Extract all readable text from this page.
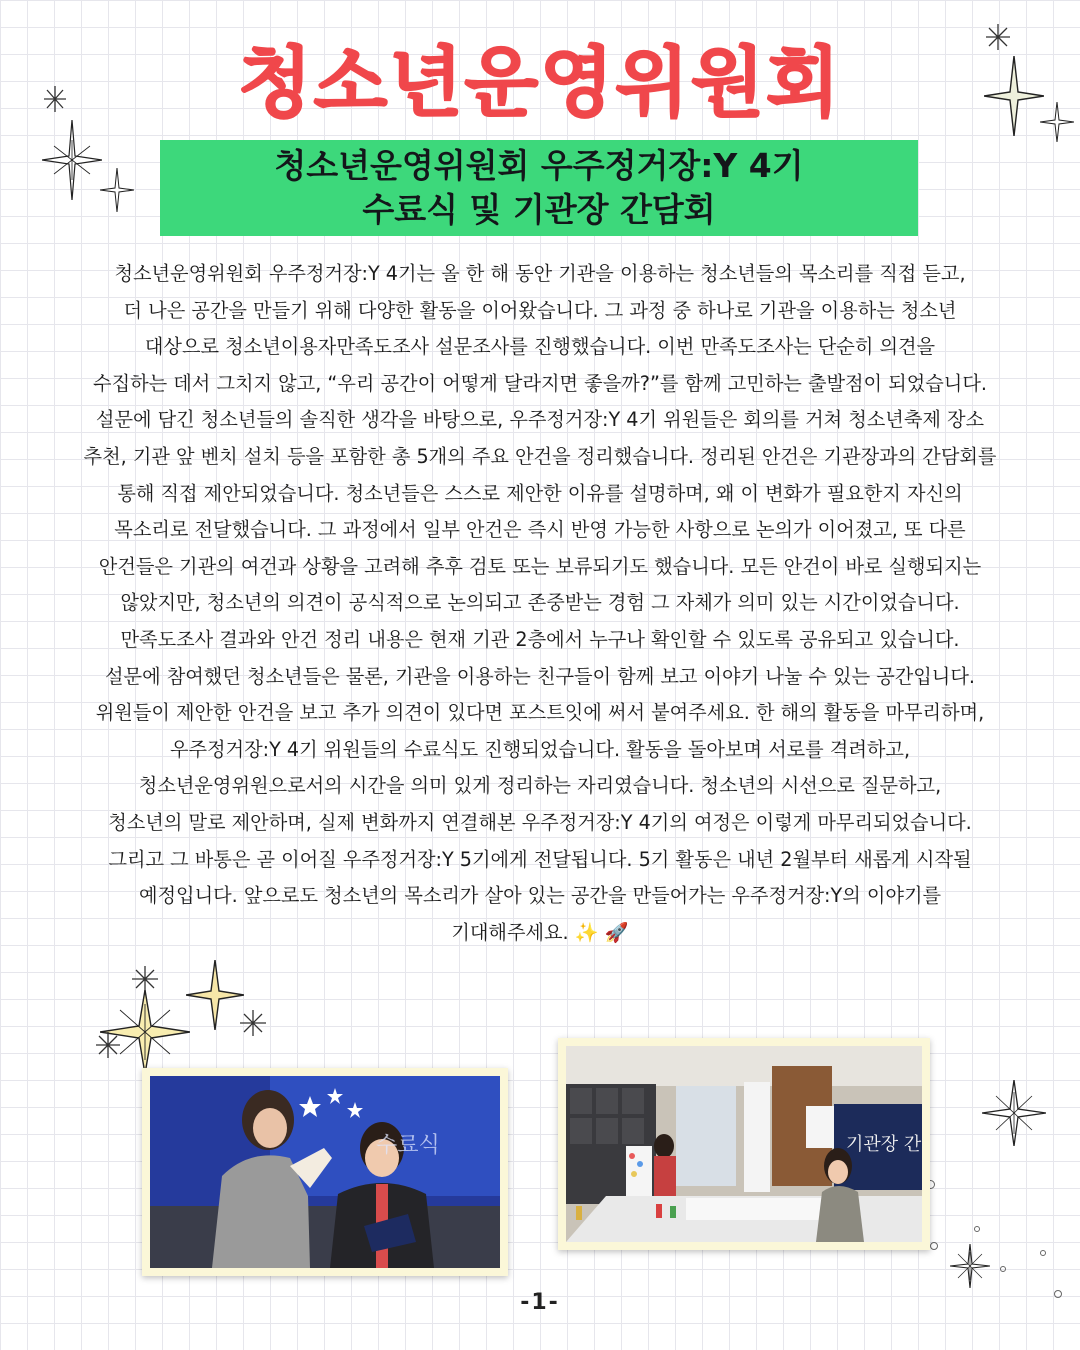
청소년운영위원회
청소년운영위원회 우주정거장:Y 4기
수료식 및 기관장 간담회
청소년운영위원회 우주정거장:Y 4기는 올 한 해 동안 기관을 이용하는 청소년들의 목소리를 직접 듣고,
더 나은 공간을 만들기 위해 다양한 활동을 이어왔습니다. 그 과정 중 하나로 기관을 이용하는 청소년
대상으로 청소년이용자만족도조사 설문조사를 진행했습니다. 이번 만족도조사는 단순히 의견을
수집하는 데서 그치지 않고, “우리 공간이 어떻게 달라지면 좋을까?”를 함께 고민하는 출발점이 되었습니다.
설문에 담긴 청소년들의 솔직한 생각을 바탕으로, 우주정거장:Y 4기 위원들은 회의를 거쳐 청소년축제 장소
추천, 기관 앞 벤치 설치 등을 포함한 총 5개의 주요 안건을 정리했습니다. 정리된 안건은 기관장과의 간담회를
통해 직접 제안되었습니다. 청소년들은 스스로 제안한 이유를 설명하며, 왜 이 변화가 필요한지 자신의
목소리로 전달했습니다. 그 과정에서 일부 안건은 즉시 반영 가능한 사항으로 논의가 이어졌고, 또 다른
안건들은 기관의 여건과 상황을 고려해 추후 검토 또는 보류되기도 했습니다. 모든 안건이 바로 실행되지는
않았지만, 청소년의 의견이 공식적으로 논의되고 존중받는 경험 그 자체가 의미 있는 시간이었습니다.
만족도조사 결과와 안건 정리 내용은 현재 기관 2층에서 누구나 확인할 수 있도록 공유되고 있습니다.
설문에 참여했던 청소년들은 물론, 기관을 이용하는 친구들이 함께 보고 이야기 나눌 수 있는 공간입니다.
위원들이 제안한 안건을 보고 추가 의견이 있다면 포스트잇에 써서 붙여주세요. 한 해의 활동을 마무리하며,
우주정거장:Y 4기 위원들의 수료식도 진행되었습니다. 활동을 돌아보며 서로를 격려하고,
청소년운영위원으로서의 시간을 의미 있게 정리하는 자리였습니다. 청소년의 시선으로 질문하고,
청소년의 말로 제안하며, 실제 변화까지 연결해본 우주정거장:Y 4기의 여정은 이렇게 마무리되었습니다.
그리고 그 바통은 곧 이어질 우주정거장:Y 5기에게 전달됩니다. 5기 활동은 내년 2월부터 새롭게 시작될
예정입니다. 앞으로도 청소년의 목소리가 살아 있는 공간을 만들어가는 우주정거장:Y의 이야기를
기대해주세요. ✨ 🚀
수료식	기관장 간
-1-
